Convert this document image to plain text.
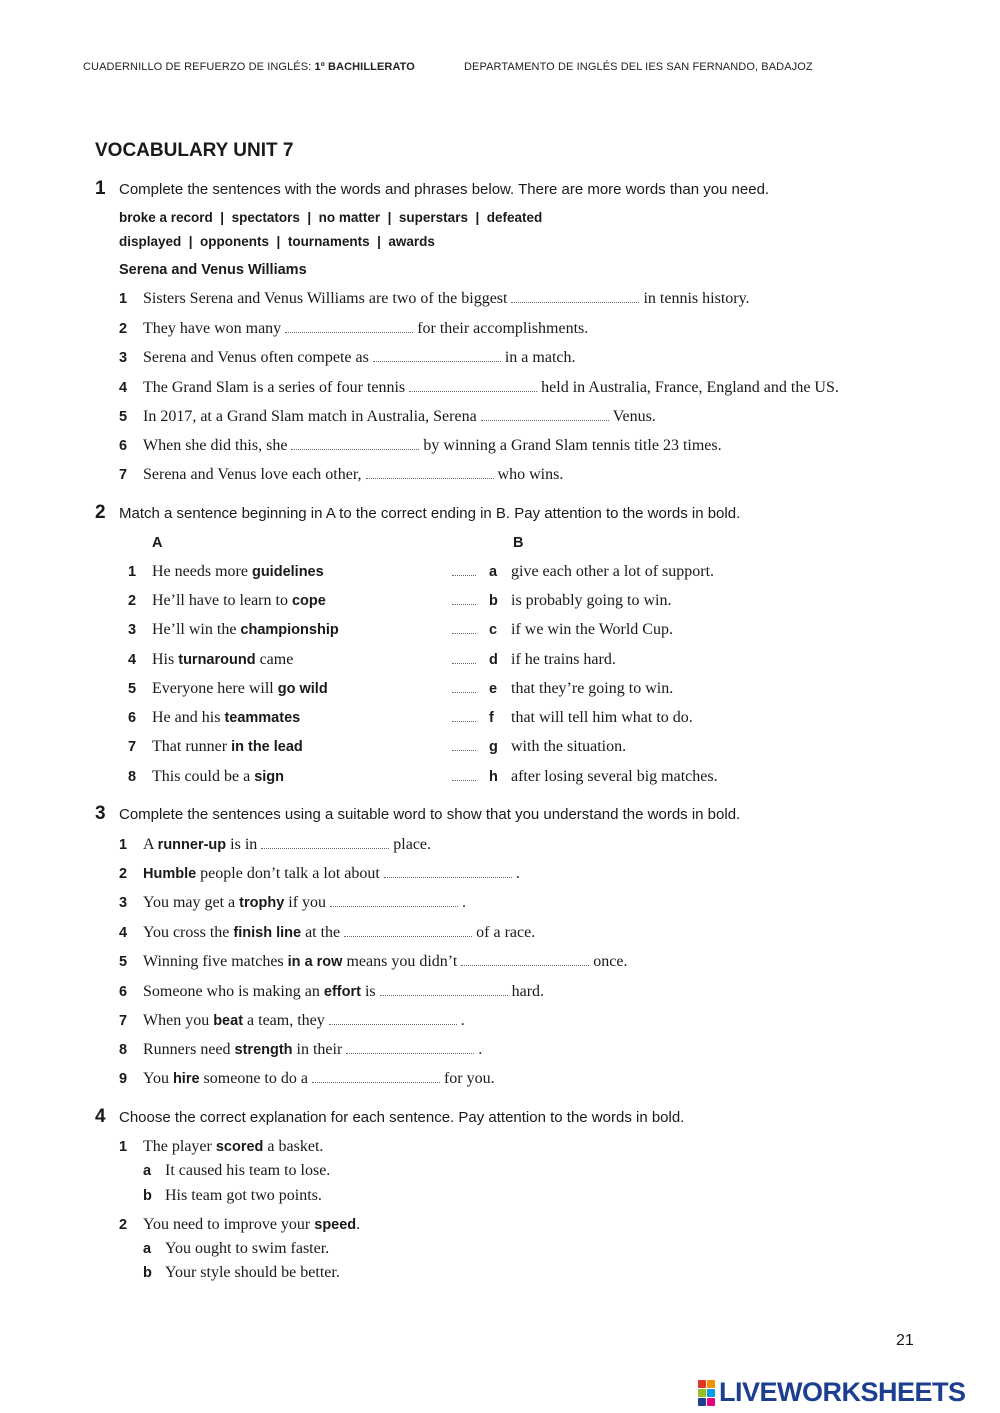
CUADERNILLO DE REFUERZO DE INGLÉS: 1º BACHILLERATO	DEPARTAMENTO DE INGLÉS DEL IES SAN FERNANDO, BADAJOZ
VOCABULARY UNIT 7
1 Complete the sentences with the words and phrases below. There are more words than you need.
broke a record  |  spectators  |  no matter  |  superstars  |  defeated
displayed  |  opponents  |  tournaments  |  awards
Serena and Venus Williams
1 Sisters Serena and Venus Williams are two of the biggest	in tennis history.
2 They have won many	for their accomplishments.
3 Serena and Venus often compete as	in a match.
4 The Grand Slam is a series of four tennis	held in Australia, France, England and the US.
5 In 2017, at a Grand Slam match in Australia, Serena	Venus.
6 When she did this, she	by winning a Grand Slam tennis title 23 times.
7 Serena and Venus love each other,	who wins.
2 Match a sentence beginning in A to the correct ending in B. Pay attention to the words in bold.
A	B
1 He needs more guidelines	a give each other a lot of support.
2 He’ll have to learn to cope	b is probably going to win.
3 He’ll win the championship	c if we win the World Cup.
4 His turnaround came	d if he trains hard.
5 Everyone here will go wild	e that they’re going to win.
6 He and his teammates	f that will tell him what to do.
7 That runner in the lead	g with the situation.
8 This could be a sign	h after losing several big matches.
3 Complete the sentences using a suitable word to show that you understand the words in bold.
1 A runner-up is in	place.
2 Humble people don’t talk a lot about	.
3 You may get a trophy if you	.
4 You cross the finish line at the	of a race.
5 Winning five matches in a row means you didn’t	once.
6 Someone who is making an effort is	hard.
7 When you beat a team, they	.
8 Runners need strength in their	.
9 You hire someone to do a	for you.
4 Choose the correct explanation for each sentence. Pay attention to the words in bold.
1 The player scored a basket.
a It caused his team to lose.
b His team got two points.
2 You need to improve your speed.
a You ought to swim faster.
b Your style should be better.
21
LIVEWORKSHEETS
